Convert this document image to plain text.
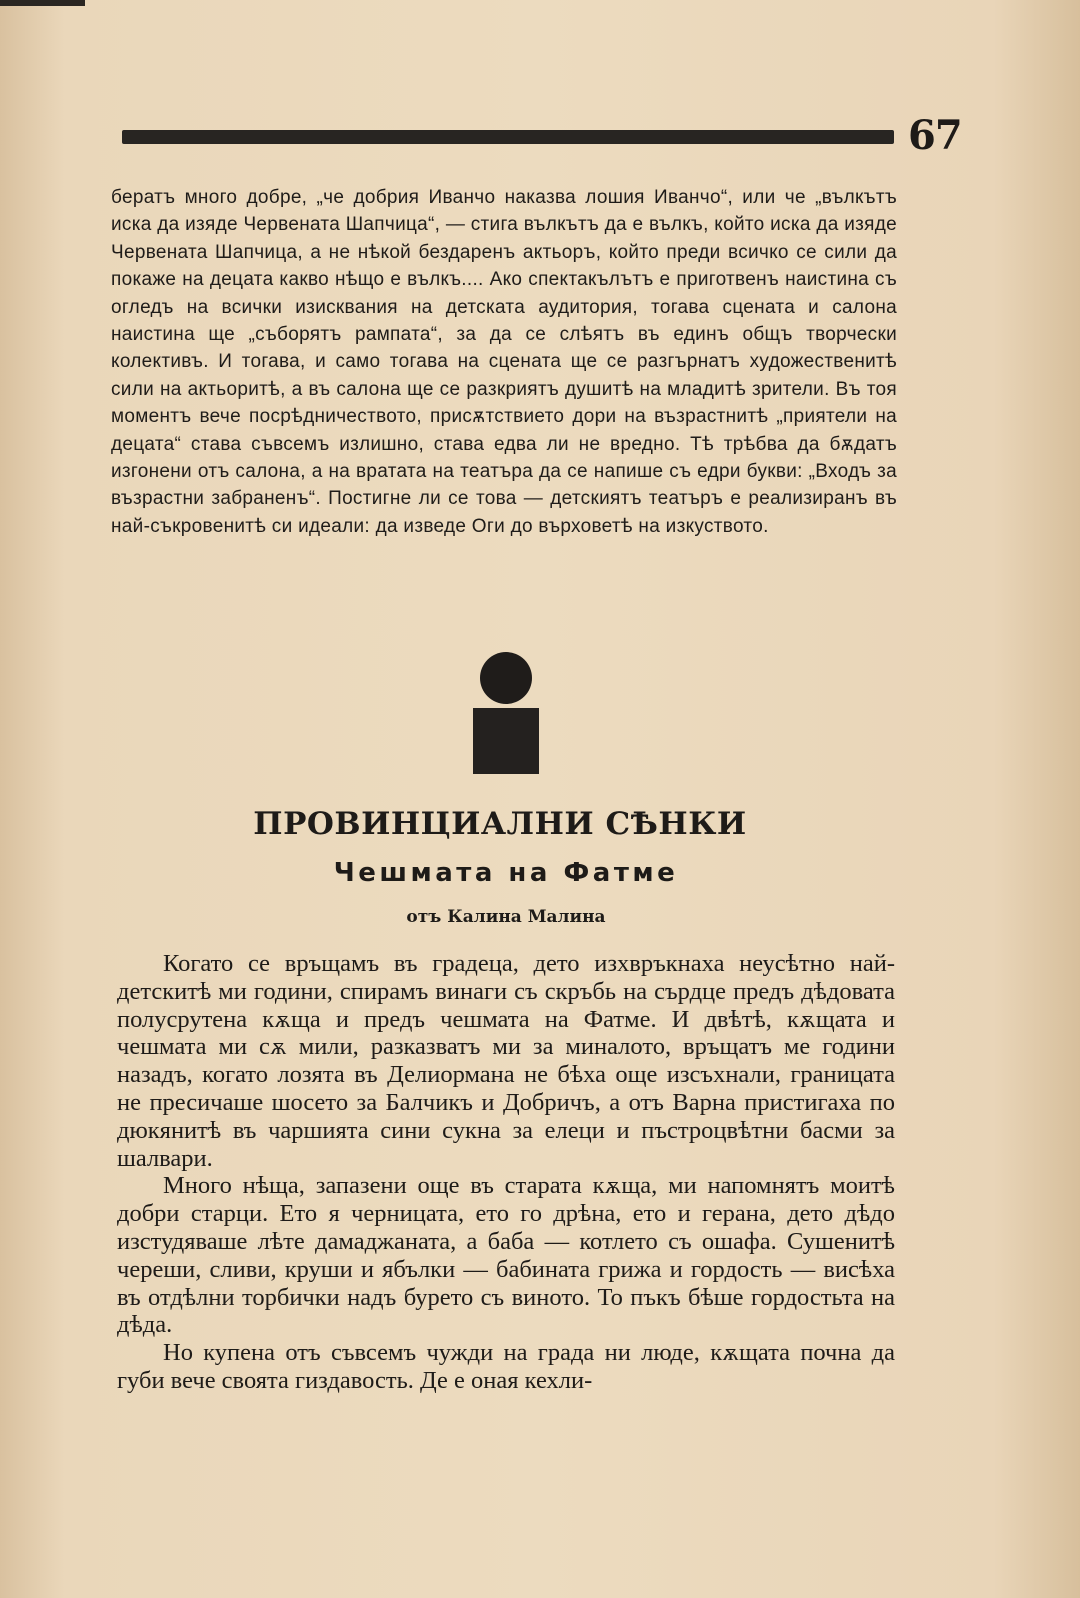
67

бератъ много добре, „че добрия Иванчо наказва лошия Иванчо“, или че „вълкътъ иска да изяде Червената Шапчица“, — стига вълкътъ да е вълкъ, който иска да изяде Червената Шапчица, а не нѣкой бездаренъ актьоръ, който преди всичко се сили да покаже на децата какво нѣщо е вълкъ.... Ако спектакълътъ е приготвенъ наистина съ огледъ на всички изисквания на детската аудитория, тогава сцената и салона наистина ще „съборятъ рампата“, за да се слѣятъ въ единъ общъ творчески колективъ. И тогава, и само тогава на сцената ще се разгърнатъ художественитѣ сили на актьоритѣ, а въ салона ще се разкриятъ душитѣ на младитѣ зрители. Въ тоя моментъ вече посрѣдничеството, присѫтствието дори на възрастнитѣ „приятели на децата“ става съвсемъ излишно, става едва ли не вредно. Тѣ трѣбва да бѫдатъ изгонени отъ салона, а на вратата на театъра да се напише съ едри букви: „Входъ за възрастни забраненъ“. Постигне ли се това — детскиятъ театъръ е реализиранъ въ най-съкровенитѣ си идеали: да изведе Оги до върховетѣ на изкуството.

ПРОВИНЦИАЛНИ СѢНКИ
Чешмата на Фатме
отъ Калина Малина

Когато се връщамъ въ градеца, дето изхвръкнаха неусѣтно най-детскитѣ ми години, спирамъ винаги съ скръбь на сърдце предъ дѣдовата полусрутена кѫща и предъ чешмата на Фатме. И двѣтѣ, кѫщата и чешмата ми сѫ мили, разказватъ ми за миналото, връщатъ ме години назадъ, когато лозята въ Делиормана не бѣха още изсъхнали, границата не пресичаше шосето за Балчикъ и Добричъ, а отъ Варна пристигаха по дюкянитѣ въ чаршията сини сукна за елеци и пъстроцвѣтни басми за шалвари.

Много нѣща, запазени още въ старата кѫща, ми напомнятъ моитѣ добри старци. Ето я черницата, ето го дрѣна, ето и герана, дето дѣдо изстудяваше лѣте дамаджаната, а баба — котлето съ ошафа. Сушенитѣ череши, сливи, круши и ябълки — бабината грижа и гордость — висѣха въ отдѣлни торбички надъ бурето съ виното. То пъкъ бѣше гордостьта на дѣда.

Но купена отъ съвсемъ чужди на града ни люде, кѫщата почна да губи вече своята гиздавость. Де е оная кехли-
